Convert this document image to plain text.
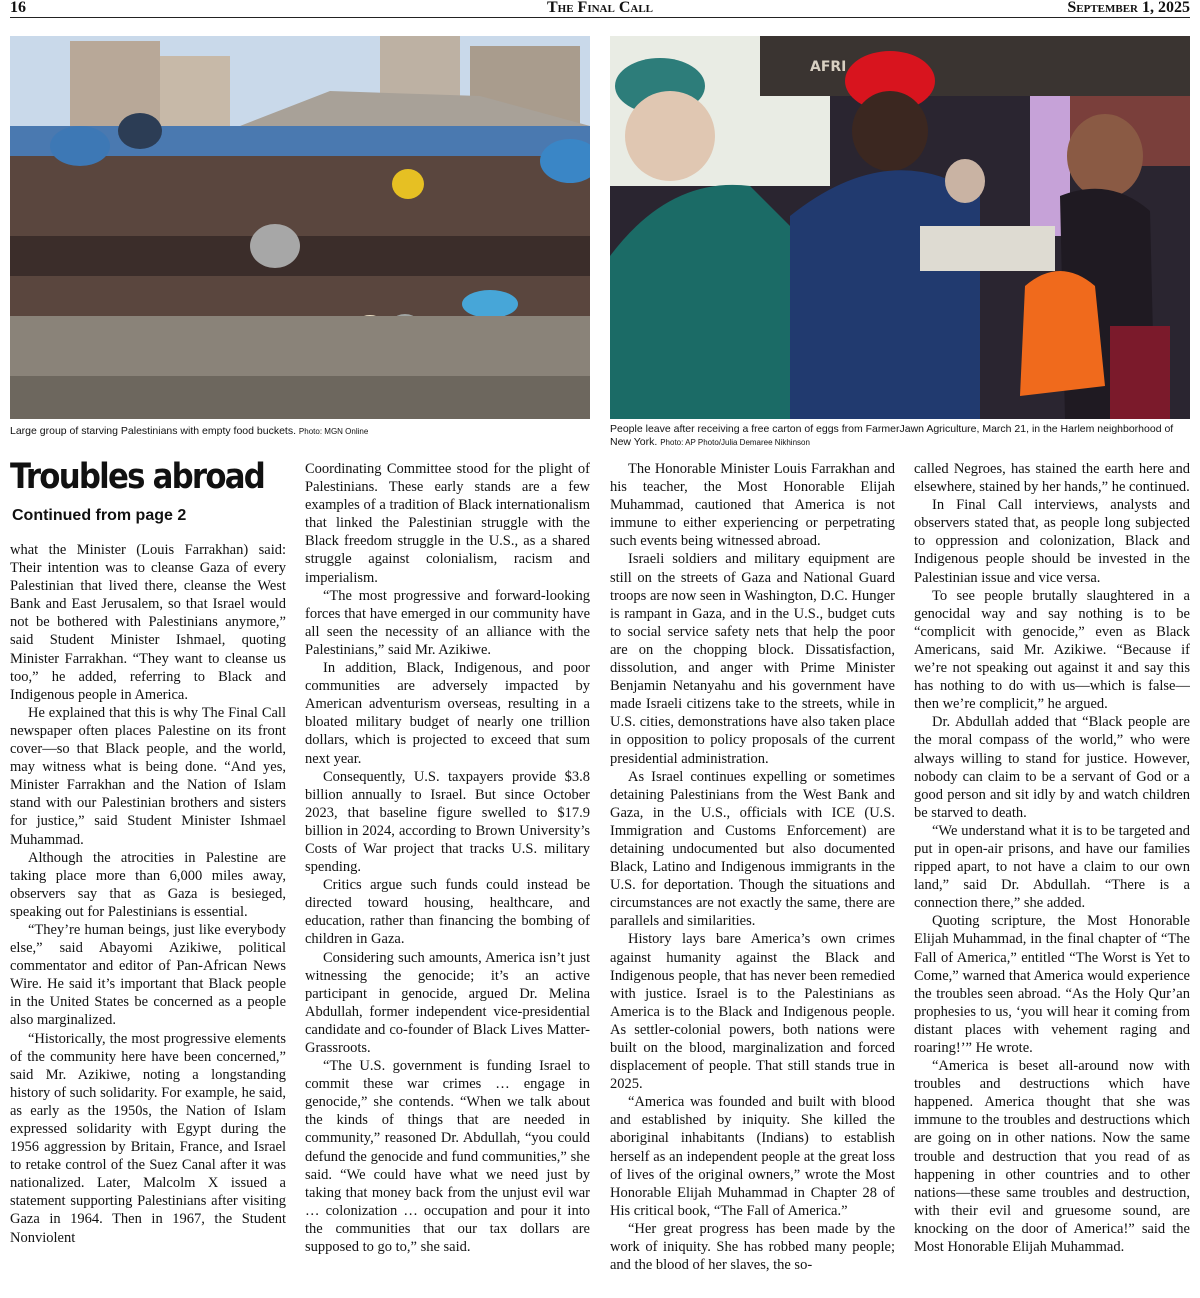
16	The Final Call	September 1, 2025
Large group of starving Palestinians with empty food buckets. Photo: MGN Online
AFRI
People leave after receiving a free carton of eggs from FarmerJawn Agriculture, March 21, in the Harlem neighborhood of New York. Photo: AP Photo/Julia Demaree Nikhinson
Troubles abroad
Continued from page 2

what the Minister (Louis Farrakhan) said: Their intention was to cleanse Gaza of every Palestinian that lived there, cleanse the West Bank and East Jerusalem, so that Israel would not be bothered with Palestinians anymore,” said Student Minister Ishmael, quoting Minister Farrakhan. “They want to cleanse us too,” he added, referring to Black and Indigenous people in America.

He explained that this is why The Final Call newspaper often places Palestine on its front cover—so that Black people, and the world, may witness what is being done. “And yes, Minister Farrakhan and the Nation of Islam stand with our Palestinian brothers and sisters for justice,” said Student Minister Ishmael Muhammad.

Although the atrocities in Palestine are taking place more than 6,000 miles away, observers say that as Gaza is besieged, speaking out for Palestinians is essential.

“They’re human beings, just like everybody else,” said Abayomi Azikiwe, political commentator and editor of Pan-African News Wire. He said it’s important that Black people in the United States be concerned as a people also marginalized.

“Historically, the most progressive elements of the community here have been concerned,” said Mr. Azikiwe, noting a longstanding history of such solidarity. For example, he said, as early as the 1950s, the Nation of Islam expressed solidarity with Egypt during the 1956 aggression by Britain, France, and Israel to retake control of the Suez Canal after it was nationalized. Later, Malcolm X issued a statement supporting Palestinians after visiting Gaza in 1964. Then in 1967, the Student Nonviolent

Coordinating Committee stood for the plight of Palestinians. These early stands are a few examples of a tradition of Black internationalism that linked the Palestinian struggle with the Black freedom struggle in the U.S., as a shared struggle against colonialism, racism and imperialism.

“The most progressive and forward-looking forces that have emerged in our community have all seen the necessity of an alliance with the Palestinians,” said Mr. Azikiwe.

In addition, Black, Indigenous, and poor communities are adversely impacted by American adventurism overseas, resulting in a bloated military budget of nearly one trillion dollars, which is projected to exceed that sum next year.

Consequently, U.S. taxpayers provide $3.8 billion annually to Israel. But since October 2023, that baseline figure swelled to $17.9 billion in 2024, according to Brown University’s Costs of War project that tracks U.S. military spending.

Critics argue such funds could instead be directed toward housing, healthcare, and education, rather than financing the bombing of children in Gaza.

Considering such amounts, America isn’t just witnessing the genocide; it’s an active participant in genocide, argued Dr. Melina Abdullah, former independent vice-presidential candidate and co-founder of Black Lives Matter-Grassroots.

“The U.S. government is funding Israel to commit these war crimes … engage in genocide,” she contends. “When we talk about the kinds of things that are needed in community,” reasoned Dr. Abdullah, “you could defund the genocide and fund communities,” she said. “We could have what we need just by taking that money back from the unjust evil war … colonization … occupation and pour it into the communities that our tax dollars are supposed to go to,” she said.

The Honorable Minister Louis Farrakhan and his teacher, the Most Honorable Elijah Muhammad, cautioned that America is not immune to either experiencing or perpetrating such events being witnessed abroad.

Israeli soldiers and military equipment are still on the streets of Gaza and National Guard troops are now seen in Washington, D.C. Hunger is rampant in Gaza, and in the U.S., budget cuts to social service safety nets that help the poor are on the chopping block. Dissatisfaction, dissolution, and anger with Prime Minister Benjamin Netanyahu and his government have made Israeli citizens take to the streets, while in U.S. cities, demonstrations have also taken place in opposition to policy proposals of the current presidential administration.

As Israel continues expelling or sometimes detaining Palestinians from the West Bank and Gaza, in the U.S., officials with ICE (U.S. Immigration and Customs Enforcement) are detaining undocumented but also documented Black, Latino and Indigenous immigrants in the U.S. for deportation. Though the situations and circumstances are not exactly the same, there are parallels and similarities.

History lays bare America’s own crimes against humanity against the Black and Indigenous people, that has never been remedied with justice. Israel is to the Palestinians as America is to the Black and Indigenous people. As settler-colonial powers, both nations were built on the blood, marginalization and forced displacement of people. That still stands true in 2025.

“America was founded and built with blood and established by iniquity. She killed the aboriginal inhabitants (Indians) to establish herself as an independent people at the great loss of lives of the original owners,” wrote the Most Honorable Elijah Muhammad in Chapter 28 of His critical book, “The Fall of America.”

“Her great progress has been made by the work of iniquity. She has robbed many people; and the blood of her slaves, the so-

called Negroes, has stained the earth here and elsewhere, stained by her hands,” he continued.

In Final Call interviews, analysts and observers stated that, as people long subjected to oppression and colonization, Black and Indigenous people should be invested in the Palestinian issue and vice versa.

To see people brutally slaughtered in a genocidal way and say nothing is to be “complicit with genocide,” even as Black Americans, said Mr. Azikiwe. “Because if we’re not speaking out against it and say this has nothing to do with us—which is false—then we’re complicit,” he argued.

Dr. Abdullah added that “Black people are the moral compass of the world,” who were always willing to stand for justice. However, nobody can claim to be a servant of God or a good person and sit idly by and watch children be starved to death.

“We understand what it is to be targeted and put in open-air prisons, and have our families ripped apart, to not have a claim to our own land,” said Dr. Abdullah. “There is a connection there,” she added.

Quoting scripture, the Most Honorable Elijah Muhammad, in the final chapter of “The Fall of America,” entitled “The Worst is Yet to Come,” warned that America would experience the troubles seen abroad. “As the Holy Qur’an prophesies to us, ‘you will hear it coming from distant places with vehement raging and roaring!’” He wrote.

“America is beset all-around now with troubles and destructions which have happened. America thought that she was immune to the troubles and destructions which are going on in other nations. Now the same trouble and destruction that you read of as happening in other countries and to other nations—these same troubles and destruction, with their evil and gruesome sound, are knocking on the door of America!” said the Most Honorable Elijah Muhammad.
